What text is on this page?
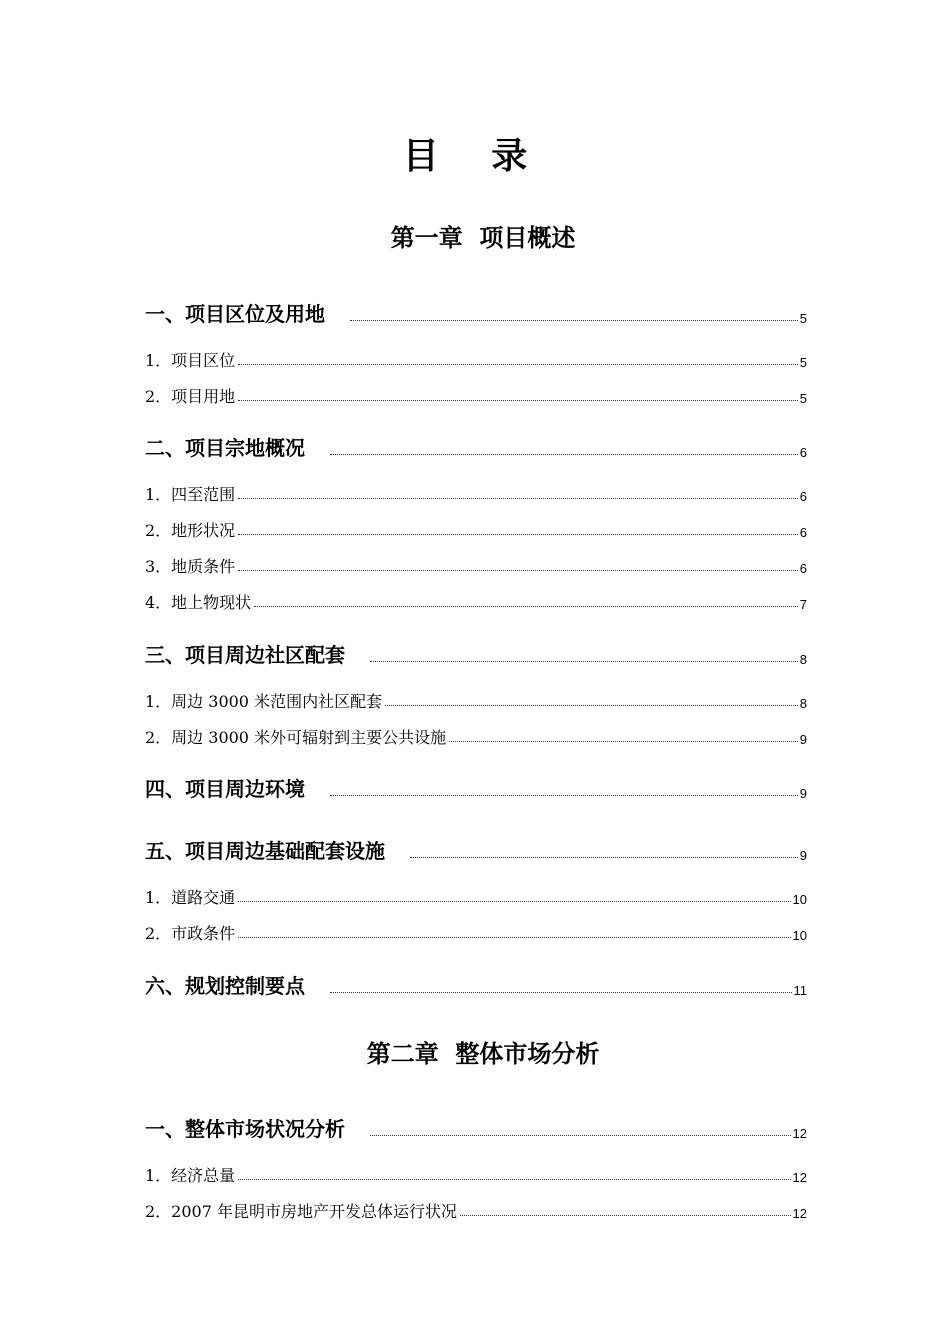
目 录
第一章  项目概述
一、项目区位及用地	5
1．项目区位	5
2．项目用地	5
二、项目宗地概况	6
1．四至范围	6
2．地形状况	6
3．地质条件	6
4．地上物现状	7
三、项目周边社区配套	8
1．周边 3000 米范围内社区配套	8
2．周边 3000 米外可辐射到主要公共设施	9
四、项目周边环境	9
五、项目周边基础配套设施	9
1．道路交通	10
2．市政条件	10
六、规划控制要点	11
第二章  整体市场分析
一、整体市场状况分析	12
1．经济总量	12
2．2007 年昆明市房地产开发总体运行状况	12
